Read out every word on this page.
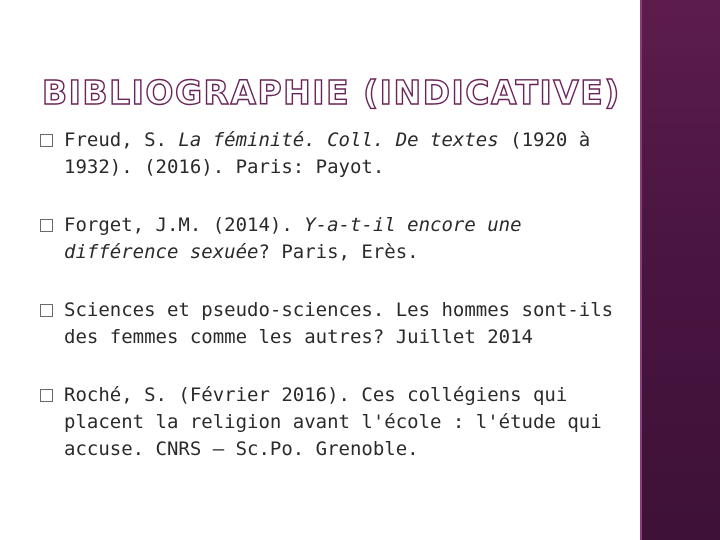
BIBLIOGRAPHIE (INDICATIVE)
Freud, S. La féminité. Coll. De textes (1920 à 1932). (2016). Paris: Payot.
Forget, J.M. (2014). Y-a-t-il encore une différence sexuée? Paris, Erès.
Sciences et pseudo-sciences. Les hommes sont-ils des femmes comme les autres? Juillet 2014
Roché, S. (Février 2016). Ces collégiens qui placent la religion avant l'école : l'étude qui accuse. CNRS – Sc.Po. Grenoble.
